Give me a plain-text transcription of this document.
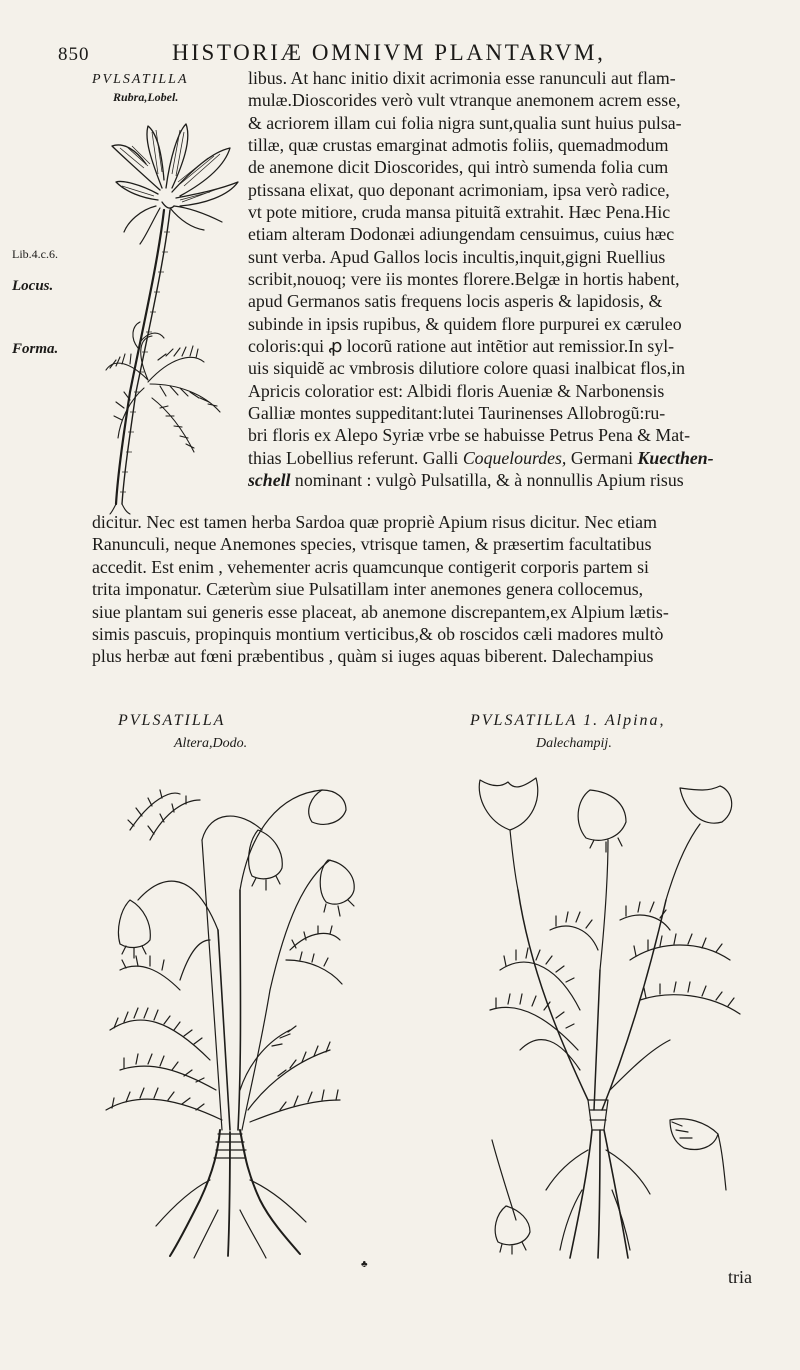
850	HISTORIÆ OMNIVM PLANTARVM,
PVLSATILLA
Rubra,Lobel.
Lib.4.c.6.
Locus.
Forma.
libus. At hanc initio dixit acrimonia esse ranunculi aut flam-
mulæ.Dioscorides verò vult vtranque anemonem acrem esse,
& acriorem illam cui folia nigra sunt,qualia sunt huius pulsa-
tillæ, quæ crustas emarginat admotis foliis, quemadmodum
de anemone dicit Dioscorides, qui intrò sumenda folia cum
ptissana elixat, quo deponant acrimoniam, ipsa verò radice,
vt pote mitiore, cruda mansa pituitã extrahit. Hæc Pena.Hic
etiam alteram Dodonæi adiungendam censuimus, cuius hæc
sunt verba. Apud Gallos locis incultis,inquit,gigni Ruellius
scribit,nouoq; vere iis montes florere.Belgæ in hortis habent,
apud Germanos satis frequens locis asperis & lapidosis, &
subinde in ipsis rupibus, & quidem flore purpurei ex cæruleo
coloris:qui ꝓ locorũ ratione aut intẽtior aut remissior.In syl-
uis siquidẽ ac vmbrosis dilutiore colore quasi inalbicat flos,in
Apricis coloratior est: Albidi floris Aueniæ & Narbonensis
Galliæ montes suppeditant:lutei Taurinenses Allobrogũ:ru-
bri floris ex Alepo Syriæ vrbe se habuisse Petrus Pena & Mat-
thias Lobellius referunt. Galli Coquelourdes, Germani Kuecthen-
schell nominant : vulgò Pulsatilla, & à nonnullis Apium risus
dicitur. Nec est tamen herba Sardoa quæ propriè Apium risus dicitur. Nec etiam
Ranunculi, neque Anemones species, vtrisque tamen, & præsertim facultatibus
accedit. Est enim , vehementer acris quamcunque contigerit corporis partem si
trita imponatur. Cæterùm siue Pulsatillam inter anemones genera collocemus,
siue plantam sui generis esse placeat, ab anemone discrepantem,ex Alpium lætis-
simis pascuis, propinquis montium verticibus,& ob roscidos cæli madores multò
plus herbæ aut fœni præbentibus , quàm si iuges aquas biberent. Dalechampius
PVLSATILLA
Altera,Dodo.
PVLSATILLA 1. Alpina,
Dalechampij.
♣
tria
